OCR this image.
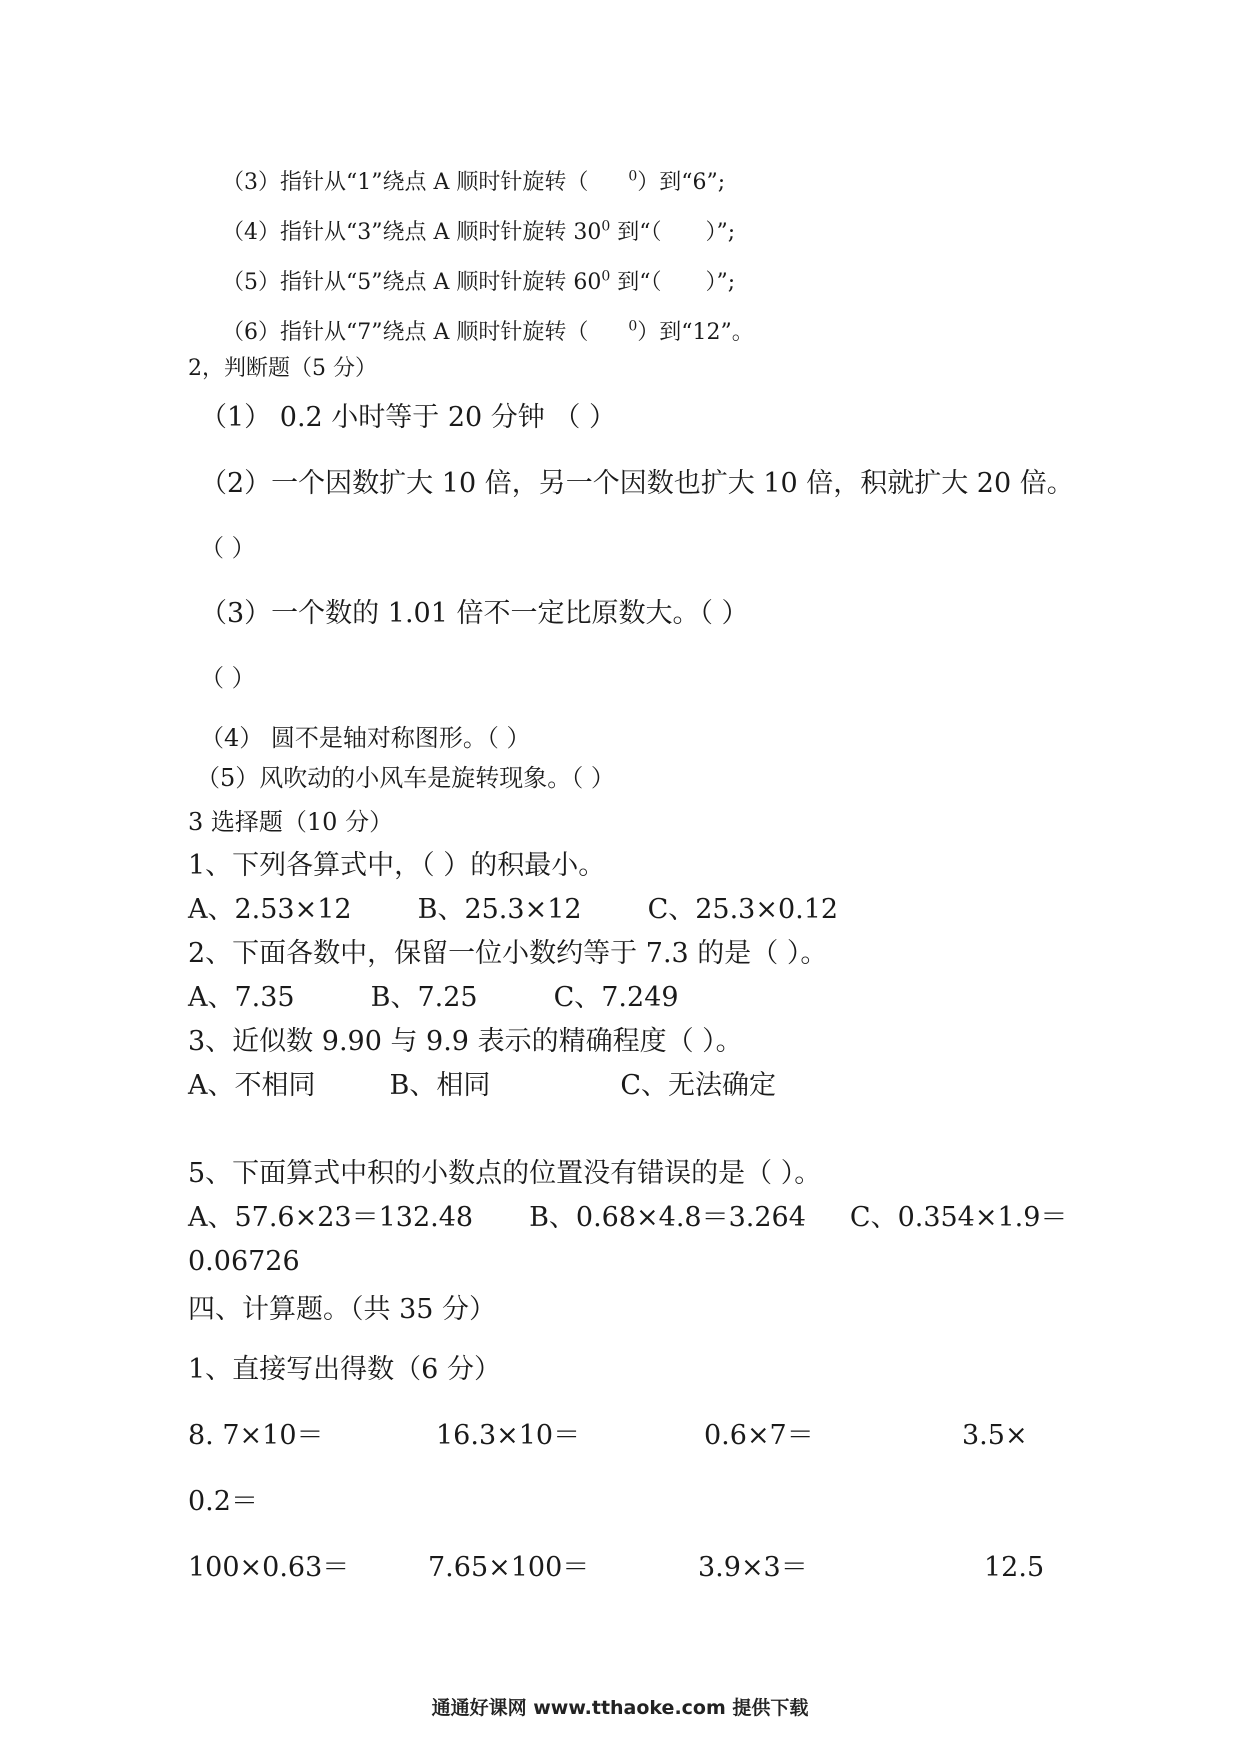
（3）指针从“1”绕点 A 顺时针旋转（	$^0$）到“6”;
（4）指针从“3”绕点 A 顺时针旋转 $30^0$ 到“（　　）”;
（5）指针从“5”绕点 A 顺时针旋转 $60^0$ 到“（　　）”;
（6）指针从“7”绕点 A 顺时针旋转（	$^0$）到“12”。
2，判断题（5 分）
（1） 0.2 小时等于 20 分钟 （ ）
（2）一个因数扩大 10 倍，另一个因数也扩大 10 倍，积就扩大 20 倍。
（ ）
（3）一个数的 1.01 倍不一定比原数大。（ ）
（ ）
（4） 圆不是轴对称图形。（ ）
（5）风吹动的小风车是旋转现象。（ ）
3 选择题（10 分）
1、下列各算式中，（ ）的积最小。
A、2.53×12 B、25.3×12 C、25.3×0.12
2、下面各数中，保留一位小数约等于 7.3 的是（ ）。
A、7.35	B、7.25	C、7.249
3、近似数 9.90 与 9.9 表示的精确程度（ ）。
A、不相同	B、相同	C、无法确定
5、下面算式中积的小数点的位置没有错误的是（ ）。
A、57.6×23＝132.48 B、0.68×4.8＝3.264 C、0.354×1.9＝
0.06726
四、计算题。（共 35 分）
1、直接写出得数（6 分）
8. 7×10＝	16.3×10＝	0.6×7＝	3.5×
0.2＝
100×0.63＝	7.65×100＝	3.9×3＝	12.5
通通好课网 www.tthaoke.com 提供下载
